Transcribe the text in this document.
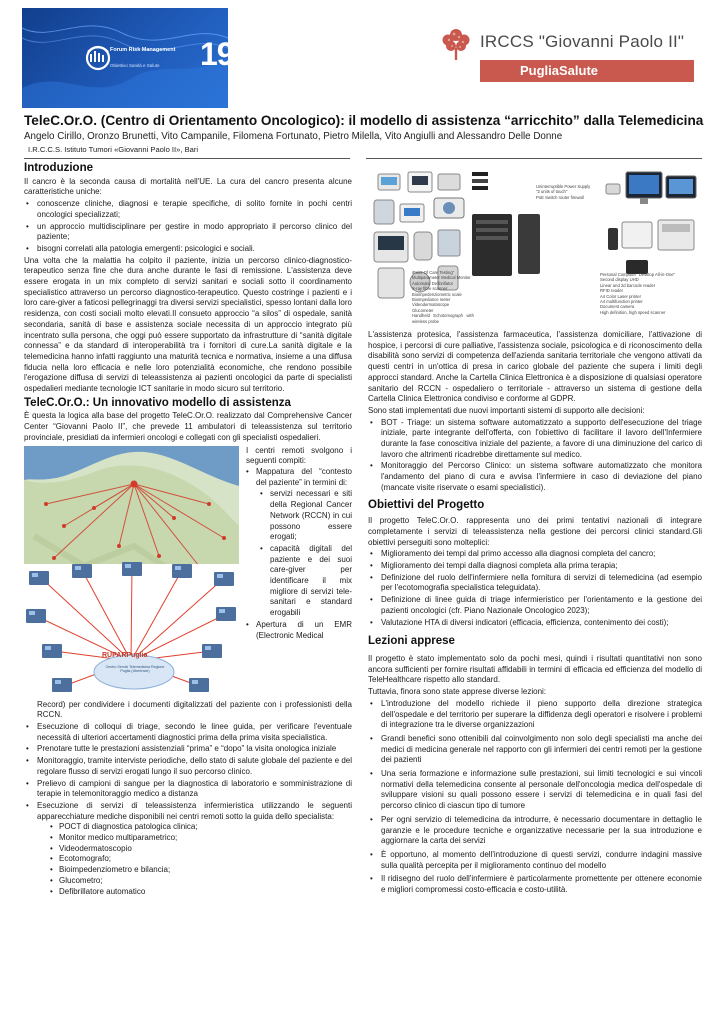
Forum Risk Management
Obiettivo Sanità e Salute 19	IRCCS "Giovanni Paolo II"
PugliaSalute
TeleC.Or.O. (Centro di Orientamento Oncologico): il modello di assistenza “arricchito” dalla Telemedicina
Angelo Cirillo, Oronzo Brunetti, Vito Campanile, Filomena Fortunato, Pietro Milella, Vito Angiulli and Alessandro Delle Donne
I.R.C.C.S. Istituto Tumori «Giovanni Paolo II», Bari
Introduzione

Il cancro è la seconda causa di mortalità nell'UE. La cura del cancro presenta alcune caratteristiche uniche:

• conoscenze cliniche, diagnosi e terapie specifiche, di solito fornite in pochi centri oncologici specializzati;
• un approccio multidisciplinare per gestire in modo appropriato il percorso clinico del paziente;
• bisogni correlati alla patologia emergenti: psicologici e sociali.

Una volta che la malattia ha colpito il paziente, inizia un percorso clinico-diagnostico-terapeutico senza fine che dura anche durante le fasi di remissione. L'assistenza deve essere erogata in un mix completo di servizi sanitari e sociali sotto il coordinamento specialistico attraverso un percorso diagnostico-terapeutico. Questo costringe i pazienti e i loro care-giver a faticosi pellegrinaggi tra diversi servizi specialistici, spesso lontani dalla loro residenza, con costi sociali molto elevati.Il consueto approccio “a silos” di ospedale, sanità secondaria, sanità di base e assistenza sociale necessita di un approccio integrato più incentrato sulla persona, che oggi può essere supportato da infrastrutture di “sanità digitale connessa” e da standard di interoperabilità tra i fornitori di cure.La sanità digitale e la telemedicina hanno infatti raggiunto una maturità tecnica e normativa, insieme a una diffusa fiducia nella loro efficacia e nelle loro potenzialità economiche, che rendono possibile l'erogazione diffusa di servizi di teleassistenza ai pazienti oncologici da parte di specialisti ospedalieri mediante tecnologie ICT sanitarie in modo sicuro sul territorio.

TeleC.Or.O.: Un innovativo modello di assistenza

È questa la logica alla base del progetto TeleC.Or.O. realizzato dal Comprehensive Cancer Center “Giovanni Paolo II”, che prevede 11 ambulatori di teleassistenza sul territorio provinciale, presidiati da infermieri oncologi e collegati con gli specialisti ospedalieri.

RUPARPuglia
Centro Servizi Telemedicina Regione Puglia (Ubertrace)
I centri remoti svolgono i seguenti compiti:
• Mappatura del “contesto del paziente” in termini di:
• servizi necessari e siti della Regional Cancer Network (RCCN) in cui possono essere erogati;
• capacità digitali del paziente e dei suoi care-giver per identificare il mix migliore di servizi tele-sanitari e standard erogabili
• Apertura di un EMR (Electronic Medical

Record) per condividere i documenti digitalizzati del paziente con i professionisti della RCCN.

• Esecuzione di colloqui di triage, secondo le linee guida, per verificare l'eventuale necessità di ulteriori accertamenti diagnostici prima della prima visita specialistica.
• Prenotare tutte le prestazioni assistenziali “prima” e “dopo” la visita onologica iniziale
• Monitoraggio, tramite interviste periodiche, dello stato di salute globale del paziente e del regolare flusso di servizi erogati lungo il suo percorso clinico.
• Prelievo di campioni di sangue per la diagnostica di laboratorio e somministrazione di terapie in telemonitoraggio medico a distanza
• Esecuzione di servizi di teleassistenza infermieristica utilizzando le seguenti apparecchiature mediche disponibili nei centri remoti sotto la guida dello specialista:
• POCT di diagnostica patologica clinica;
• Monitor medico multiparametrico;
• Videodermatoscopio
• Ecotomografo;
• Bioimpedenziometro e bilancia;
• Glucometro;
• Defibrillatore automatico
Uninterruptible Power Supply
"2 units of touch"
PoE Switch router firewall
iPoint Of Care Testing"
Multiparameter Medical Monitor
Automatic Defibrillator
X-ray fibre scanner
Bioimpedenziometric scale
Bioimpedance meter
Videodermatoscope
Glucometer
Handheld   Echotomograph   with
wireless probe
Personal Computer "Desktop All-in-One"
Second display UHD
Linear and 2d barcode reader
RFID reader
A4 Color Laser printer
A4 multifunction printer
Document camera
High definition, high speed scanner

L'assistenza protesica, l'assistenza farmaceutica, l'assistenza domiciliare, l'attivazione di hospice, i percorsi di cure palliative, l'assistenza sociale, psicologica e di riconoscimento della disabilità sono servizi di competenza dell'azienda sanitaria territoriale che vengono attivati da questi centri in un'ottica di presa in carico globale del paziente che supera i limiti degli approcci standard. Anche la Cartella Clinica Elettronica è a disposizione di qualsiasi operatore sanitario del RCCN - ospedaliero o territoriale - attraverso un sistema di gestione della Cartella Clinica Elettronica condiviso e conforme al GDPR.

Sono stati implementati due nuovi importanti sistemi di supporto alle decisioni:

• BOT - Triage: un sistema software automatizzato a supporto dell'esecuzione del triage iniziale, parte integrante dell'offerta, con l'obiettivo di facilitare il lavoro dell'Infermiere durante la fase conoscitiva iniziale del paziente, a favore di una diminuzione del carico di lavoro che altrimenti ricadrebbe direttamente sul medico.
• Monitoraggio del Percorso Clinico: un sistema software automatizzato che monitora l'andamento del piano di cura e avvisa l'infermiere in caso di deviazione del piano (mancate visite riservate o esami specialistici).
Obiettivi del Progetto

Il progetto TeleC.Or.O. rappresenta uno dei primi tentativi nazionali di integrare completamente i servizi di teleassistenza nella gestione dei percorsi clinici standard.Gli obiettivi perseguiti sono molteplici:

• Miglioramento dei tempi dal primo accesso alla diagnosi completa del cancro;
• Miglioramento dei tempi dalla diagnosi completa alla prima terapia;
• Definizione del ruolo dell'infermiere nella fornitura di servizi di telemedicina (ad esempio per l'ecotomografia specialistica teleguidata).
• Definizione di linee guida di triage infermieristico per l'orientamento e la gestione dei pazienti oncologici (cfr. Piano Nazionale Oncologico 2023);
• Valutazione HTA di diversi indicatori (efficacia, efficienza, contenimento dei costi);
Lezioni apprese

Il progetto è stato implementato solo da pochi mesi, quindi i risultati quantitativi non sono ancora sufficienti per fornire risultati affidabili in termini di efficacia ed efficienza del modello di TeleHealthcare rispetto allo standard.

Tuttavia, finora sono state apprese diverse lezioni:

• L'introduzione del modello richiede il pieno supporto della direzione strategica dell'ospedale e del territorio per superare la diffidenza degli operatori e risolvere i problemi di integrazione tra le diverse organizzazioni
• Grandi benefici sono ottenibili dal coinvolgimento non solo degli specialisti ma anche dei medici di medicina generale nel rapporto con gli infermieri dei centri remoti per la gestione dei pazienti
• Una seria formazione e informazione sulle prestazioni, sui limiti tecnologici e sui vincoli normativi della telemedicina consente al personale dell'oncologia medica dell'ospedale di sviluppare visioni su quali possono essere i servizi di telemedicina e in quali fasi del percorso clinico di ciascun tipo di tumore
• Per ogni servizio di telemedicina da introdurre, è necessario documentare in dettaglio le garanzie e le procedure tecniche e organizzative necessarie per la sua introduzione e aggiornare la carta dei servizi
• È opportuno, al momento dell'introduzione di questi servizi, condurre indagini massive sulla qualità percepita per il miglioramento continuo del modello
• Il ridisegno del ruolo dell'infermiere è particolarmente promettente per ottenere economie e migliori compromessi costo-efficacia e costo-utilità.
